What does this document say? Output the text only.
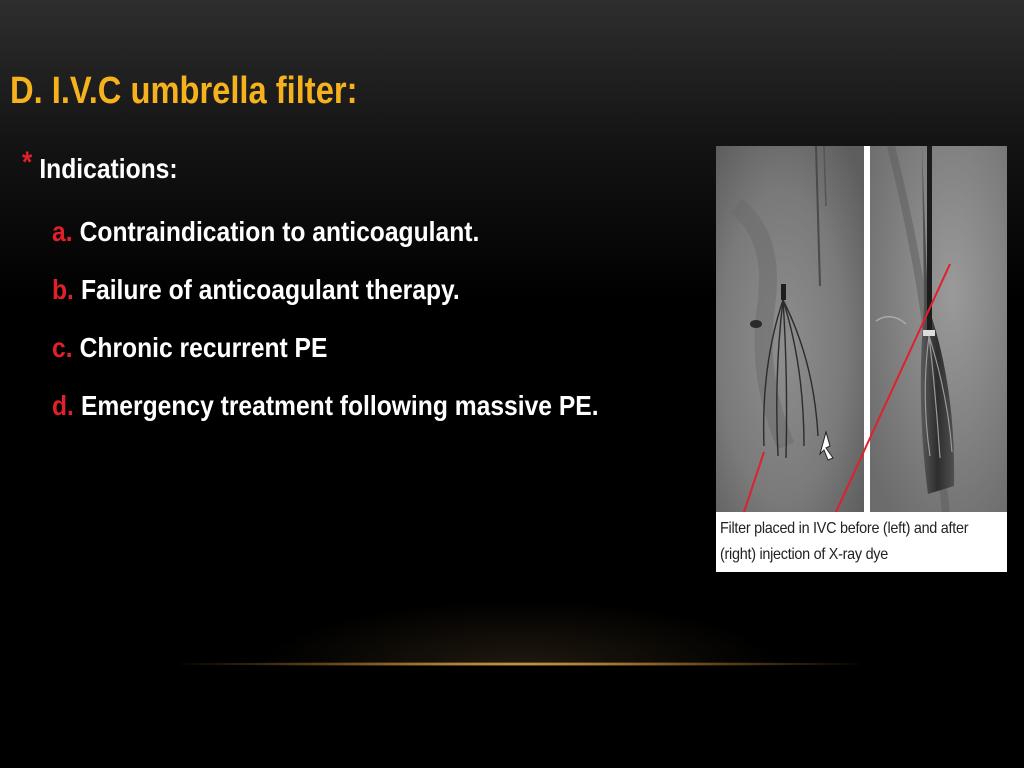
D. I.V.C umbrella filter:
* Indications:
a. Contraindication to anticoagulant.
b. Failure of anticoagulant therapy.
c. Chronic recurrent PE
d. Emergency treatment following massive PE.
Filter placed in IVC before (left) and after
(right) injection of X-ray dye
